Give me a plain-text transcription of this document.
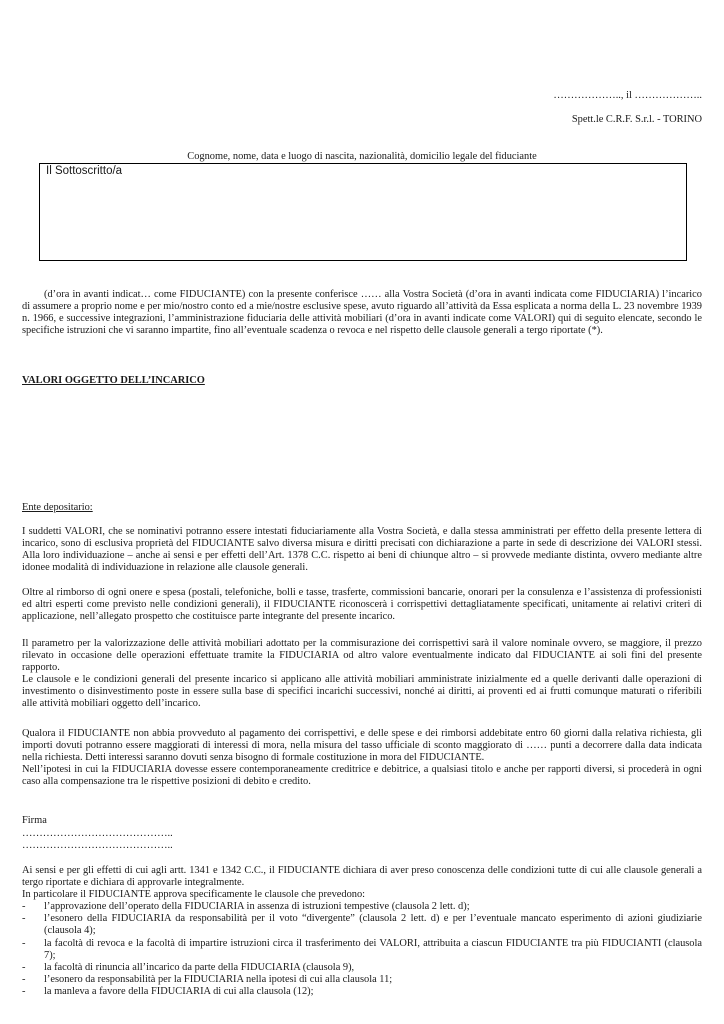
……………….., il ………………..
Spett.le C.R.F. S.r.l. - TORINO
Cognome, nome, data e luogo di nascita, nazionalità, domicilio legale del fiduciante
Il Sottoscritto/a
(d’ora in avanti indicat… come FIDUCIANTE) con la presente conferisce …… alla Vostra Società (d’ora in avanti indicata come FIDUCIARIA) l’incarico di assumere a proprio nome e per mio/nostro conto ed a mie/nostre esclusive spese, avuto riguardo all’attività da Essa esplicata a norma della L. 23 novembre 1939 n. 1966, e successive integrazioni, l’amministrazione fiduciaria delle attività mobiliari (d’ora in avanti indicate come VALORI) qui di seguito elencate, secondo le specifiche istruzioni che vi saranno impartite, fino all’eventuale scadenza o revoca e nel rispetto delle clausole generali a tergo riportate (*).
VALORI OGGETTO DELL’INCARICO
Ente depositario:
I suddetti VALORI, che se nominativi potranno essere intestati fiduciariamente alla Vostra Società, e dalla stessa amministrati per effetto della presente lettera di incarico, sono di esclusiva proprietà del FIDUCIANTE salvo diversa misura e diritti precisati con dichiarazione a parte in sede di descrizione dei VALORI stessi. Alla loro individuazione – anche ai sensi e per effetti dell’Art. 1378 C.C. rispetto ai beni di chiunque altro – si provvede mediante distinta, ovvero mediante altre idonee modalità di individuazione in relazione alle clausole generali.
Oltre al rimborso di ogni onere e spesa (postali, telefoniche, bolli e tasse, trasferte, commissioni bancarie, onorari per la consulenza e l’assistenza di professionisti ed altri esperti come previsto nelle condizioni generali), il FIDUCIANTE riconoscerà i corrispettivi dettagliatamente specificati, unitamente ai relativi criteri di applicazione, nell’allegato prospetto che costituisce parte integrante del presente incarico.

Il parametro per la valorizzazione delle attività mobiliari adottato per la commisurazione dei corrispettivi sarà il valore nominale ovvero, se maggiore, il prezzo rilevato in occasione delle operazioni effettuate tramite la FIDUCIARIA od altro valore eventualmente indicato dal FIDUCIANTE ai soli fini del presente rapporto.

Le clausole e le condizioni generali del presente incarico si applicano alle attività mobiliari amministrate inizialmente ed a quelle derivanti dalle operazioni di investimento o disinvestimento poste in essere sulla base di specifici incarichi successivi, nonché ai diritti, ai proventi ed ai frutti comunque maturati o riferibili alle attività mobiliari oggetto dell’incarico.

Qualora il FIDUCIANTE non abbia provveduto al pagamento dei corrispettivi, e delle spese e dei rimborsi addebitate entro 60 giorni dalla relativa richiesta, gli importi dovuti potranno essere maggiorati di interessi di mora, nella misura del tasso ufficiale di sconto maggiorato di …… punti a decorrere dalla data indicata nella richiesta. Detti interessi saranno dovuti senza bisogno di formale costituzione in mora del FIDUCIANTE.

Nell’ipotesi in cui la FIDUCIARIA dovesse essere contemporaneamente creditrice e debitrice, a qualsiasi titolo e anche per rapporti diversi, si procederà in ogni caso alla compensazione tra le rispettive posizioni di debito e credito.

Firma
……………………………………..
……………………………………..

Ai sensi e per gli effetti di cui agli artt. 1341 e 1342 C.C., il FIDUCIANTE dichiara di aver preso conoscenza delle condizioni tutte di cui alle clausole generali a tergo riportate e dichiara di approvarle integralmente.

In particolare il FIDUCIANTE approva specificamente le clausole che prevedono:

- l’approvazione dell’operato della FIDUCIARIA in assenza di istruzioni tempestive (clausola 2 lett. d);
- l’esonero della FIDUCIARIA da responsabilità per il voto “divergente” (clausola 2 lett. d) e per l’eventuale mancato esperimento di azioni giudiziarie (clausola 4);
- la facoltà di revoca e la facoltà di impartire istruzioni circa il trasferimento dei VALORI, attribuita a ciascun FIDUCIANTE tra più FIDUCIANTI (clausola 7);
- la facoltà di rinuncia all’incarico da parte della FIDUCIARIA (clausola 9),
- l’esonero da responsabilità per la FIDUCIARIA nella ipotesi di cui alla clausola 11;
- la manleva a favore della FIDUCIARIA di cui alla clausola (12);
